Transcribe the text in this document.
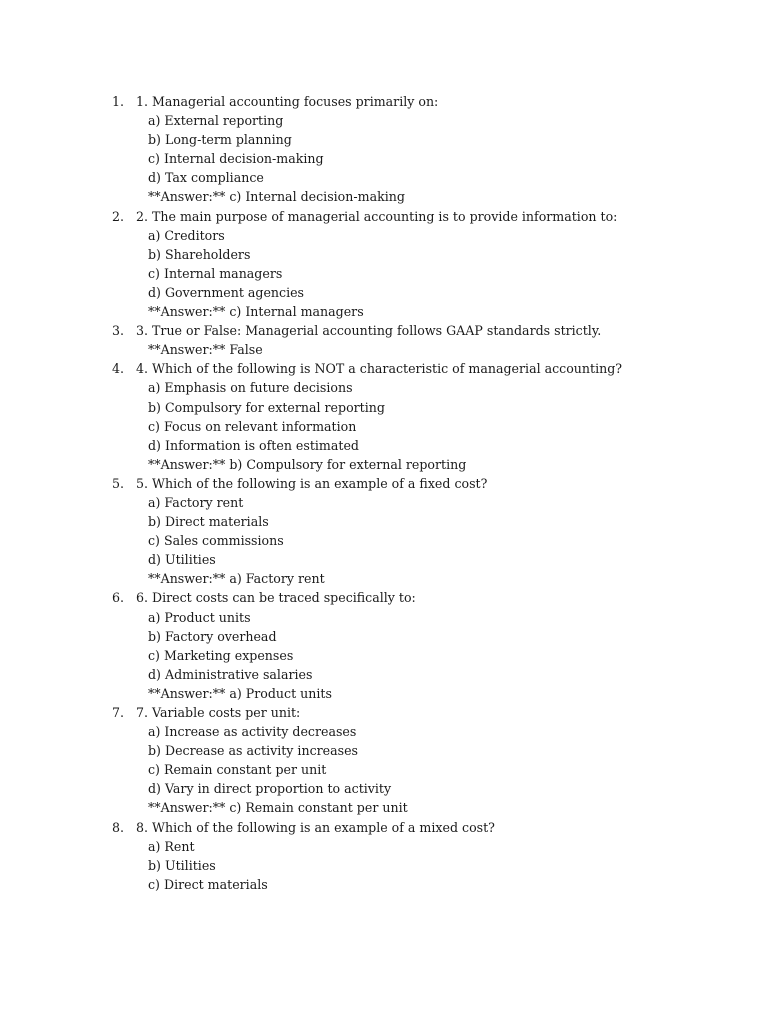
1. 1. Managerial accounting focuses primarily on:
a) External reporting
b) Long-term planning
c) Internal decision-making
d) Tax compliance
**Answer:** c) Internal decision-making
2. 2. The main purpose of managerial accounting is to provide information to:
a) Creditors
b) Shareholders
c) Internal managers
d) Government agencies
**Answer:** c) Internal managers
3. 3. True or False: Managerial accounting follows GAAP standards strictly.
**Answer:** False
4. 4. Which of the following is NOT a characteristic of managerial accounting?
a) Emphasis on future decisions
b) Compulsory for external reporting
c) Focus on relevant information
d) Information is often estimated
**Answer:** b) Compulsory for external reporting
5. 5. Which of the following is an example of a fixed cost?
a) Factory rent
b) Direct materials
c) Sales commissions
d) Utilities
**Answer:** a) Factory rent
6. 6. Direct costs can be traced specifically to:
a) Product units
b) Factory overhead
c) Marketing expenses
d) Administrative salaries
**Answer:** a) Product units
7. 7. Variable costs per unit:
a) Increase as activity decreases
b) Decrease as activity increases
c) Remain constant per unit
d) Vary in direct proportion to activity
**Answer:** c) Remain constant per unit
8. 8. Which of the following is an example of a mixed cost?
a) Rent
b) Utilities
c) Direct materials
